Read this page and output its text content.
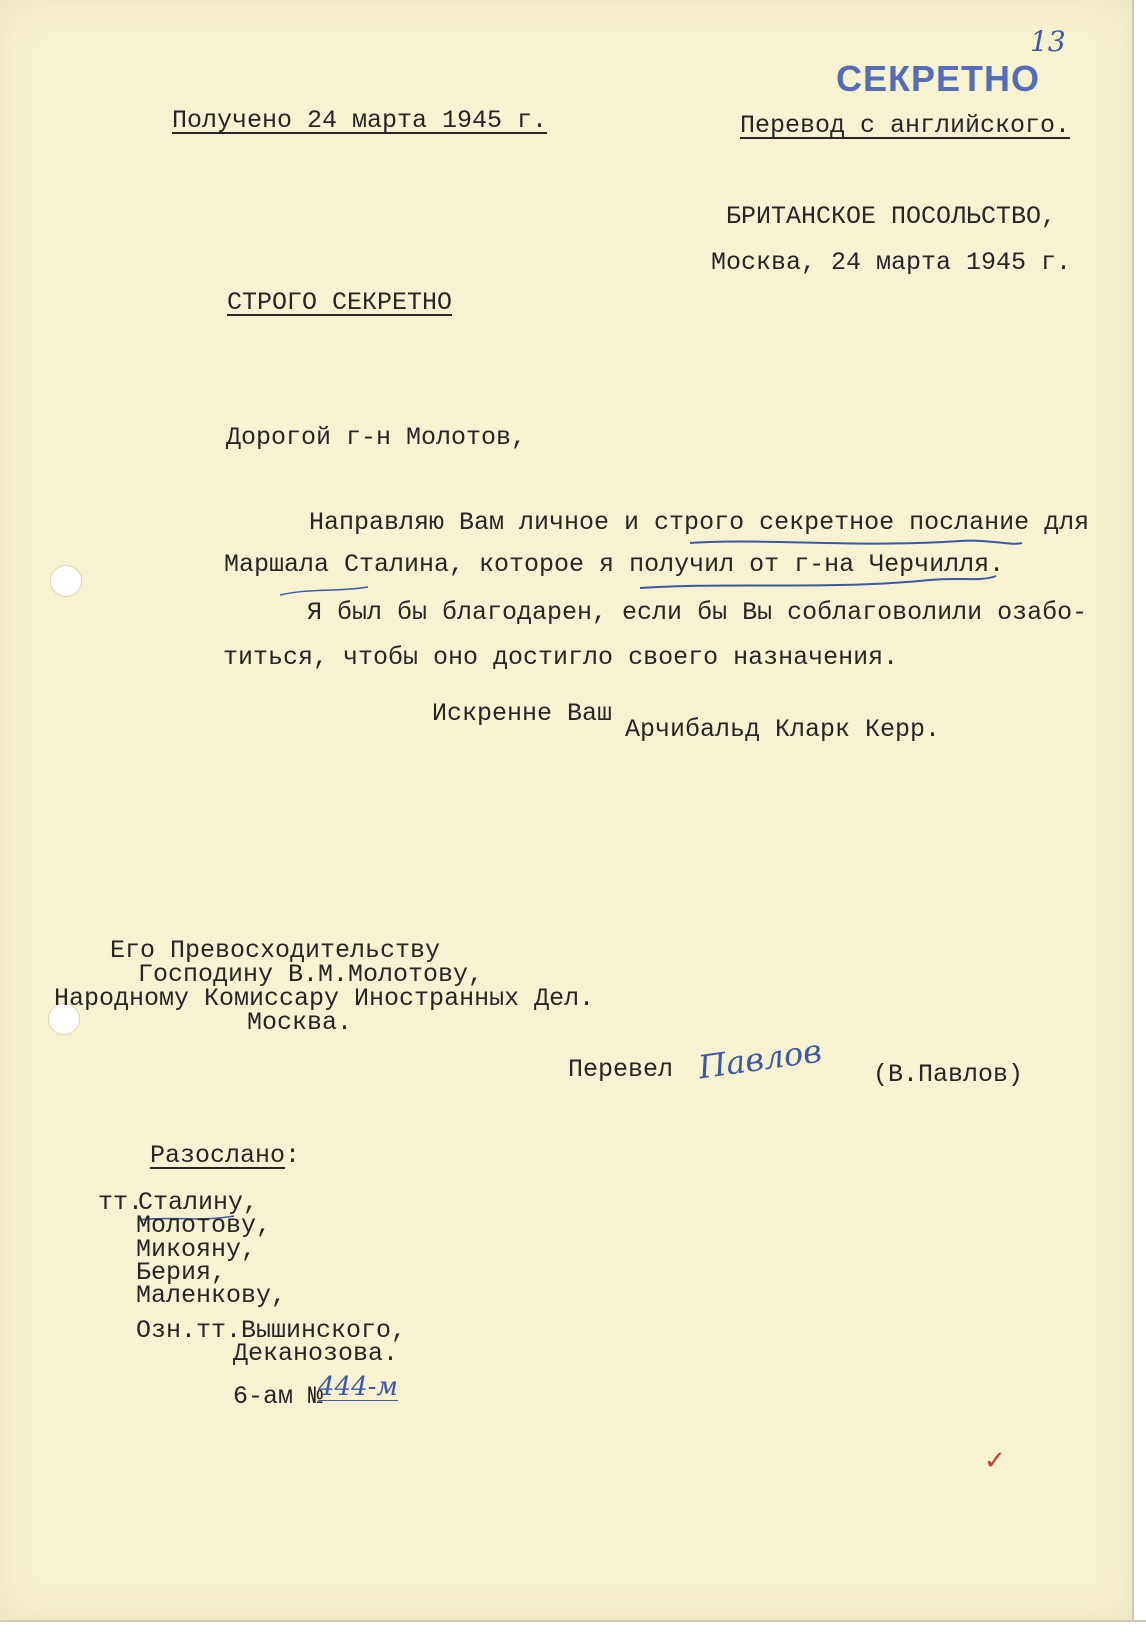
13
СЕКРЕТНО
Получено 24 марта 1945 г.	Перевод с английского.
БРИТАНСКОЕ ПОСОЛЬСТВО,
Москва, 24 марта 1945 г.
СТРОГО СЕКРЕТНО
Дорогой г-н Молотов,
Направляю Вам личное и строго секретное послание для
Маршала Сталина, которое я получил от г-на Черчилля.
Я был бы благодарен, если бы Вы соблаговолили озабо-
титься, чтобы оно достигло своего назначения.
Искренне Ваш
Арчибальд Кларк Керр.
Его Превосходительству
Господину В.М.Молотову,
Народному Комиссару Иностранных Дел.
Москва.
Перевел Павлов (В.Павлов)
Разослано:
тт.
Сталину,
Молотову,
Микояну,
Берия,
Маленкову,
Озн.тт.Вышинского,
Деканозова.
6-ам №
444-м
✓
